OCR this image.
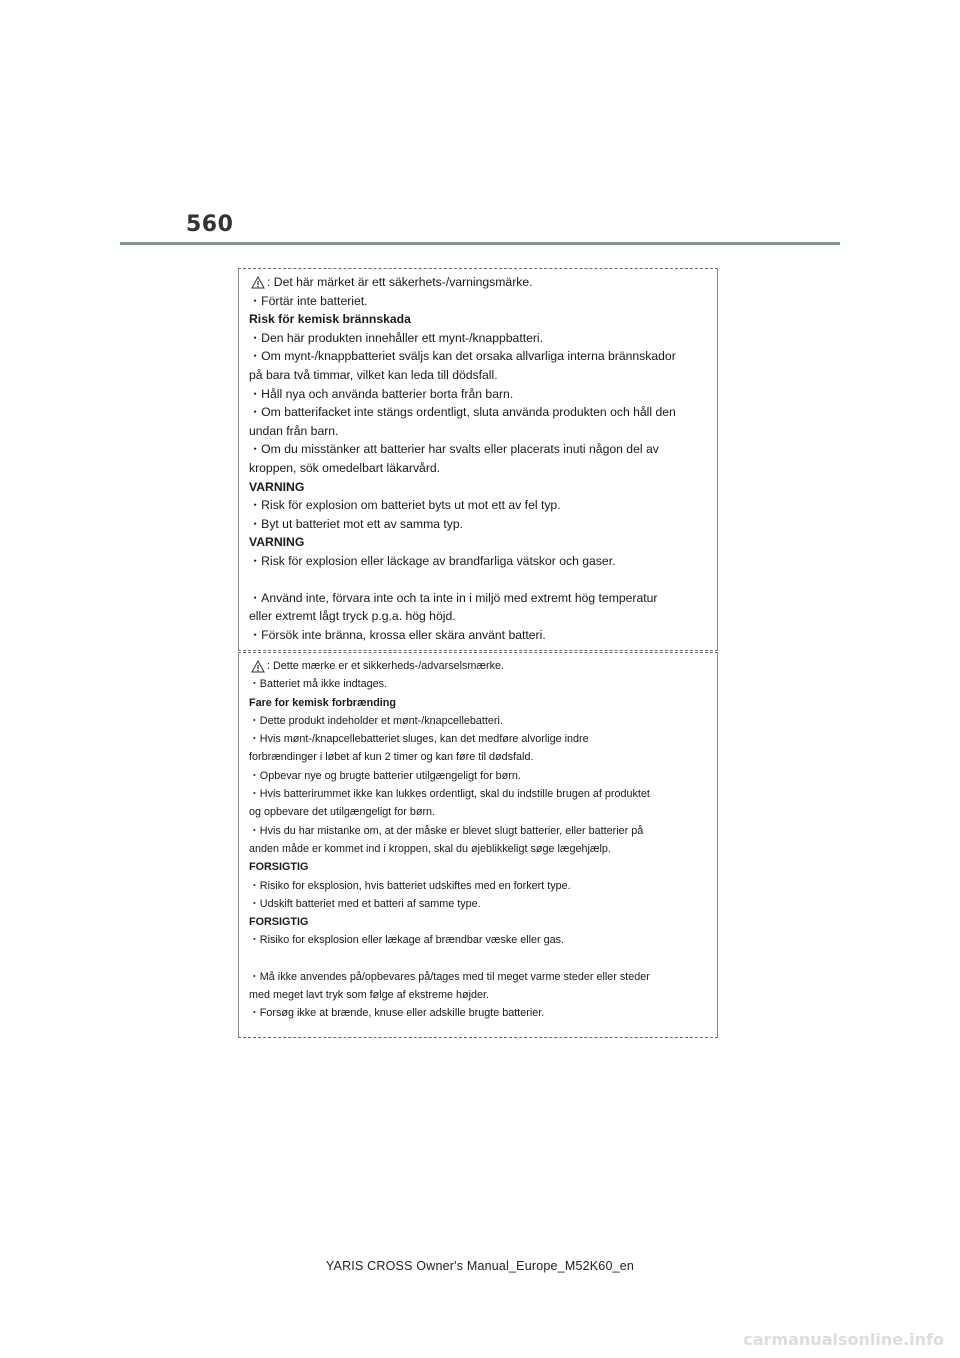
560
: Det här märket är ett säkerhets-/varningsmärke.
・Förtär inte batteriet.
Risk för kemisk brännskada
・Den här produkten innehåller ett mynt-/knappbatteri.
・Om mynt-/knappbatteriet sväljs kan det orsaka allvarliga interna brännskador
på bara två timmar, vilket kan leda till dödsfall.
・Håll nya och använda batterier borta från barn.
・Om batterifacket inte stängs ordentligt, sluta använda produkten och håll den
undan från barn.
・Om du misstänker att batterier har svalts eller placerats inuti någon del av
kroppen, sök omedelbart läkarvård.
VARNING
・Risk för explosion om batteriet byts ut mot ett av fel typ.
・Byt ut batteriet mot ett av samma typ.
VARNING
・Risk för explosion eller läckage av brandfarliga vätskor och gaser.
・Använd inte, förvara inte och ta inte in i miljö med extremt hög temperatur
eller extremt lågt tryck p.g.a. hög höjd.
・Försök inte bränna, krossa eller skära använt batteri.
: Dette mærke er et sikkerheds-/advarselsmærke.
・Batteriet må ikke indtages.
Fare for kemisk forbrænding
・Dette produkt indeholder et mønt-/knapcellebatteri.
・Hvis mønt-/knapcellebatteriet sluges, kan det medføre alvorlige indre
forbrændinger i løbet af kun 2 timer og kan føre til dødsfald.
・Opbevar nye og brugte batterier utilgængeligt for børn.
・Hvis batterirummet ikke kan lukkes ordentligt, skal du indstille brugen af produktet
og opbevare det utilgængeligt for børn.
・Hvis du har mistanke om, at der måske er blevet slugt batterier, eller batterier på
anden måde er kommet ind i kroppen, skal du øjeblikkeligt søge lægehjælp.
FORSIGTIG
・Risiko for eksplosion, hvis batteriet udskiftes med en forkert type.
・Udskift batteriet med et batteri af samme type.
FORSIGTIG
・Risiko for eksplosion eller lækage af brændbar væske eller gas.
・Må ikke anvendes på/opbevares på/tages med til meget varme steder eller steder
med meget lavt tryk som følge af ekstreme højder.
・Forsøg ikke at brænde, knuse eller adskille brugte batterier.
YARIS CROSS Owner's Manual_Europe_M52K60_en
carmanualsonline.info
